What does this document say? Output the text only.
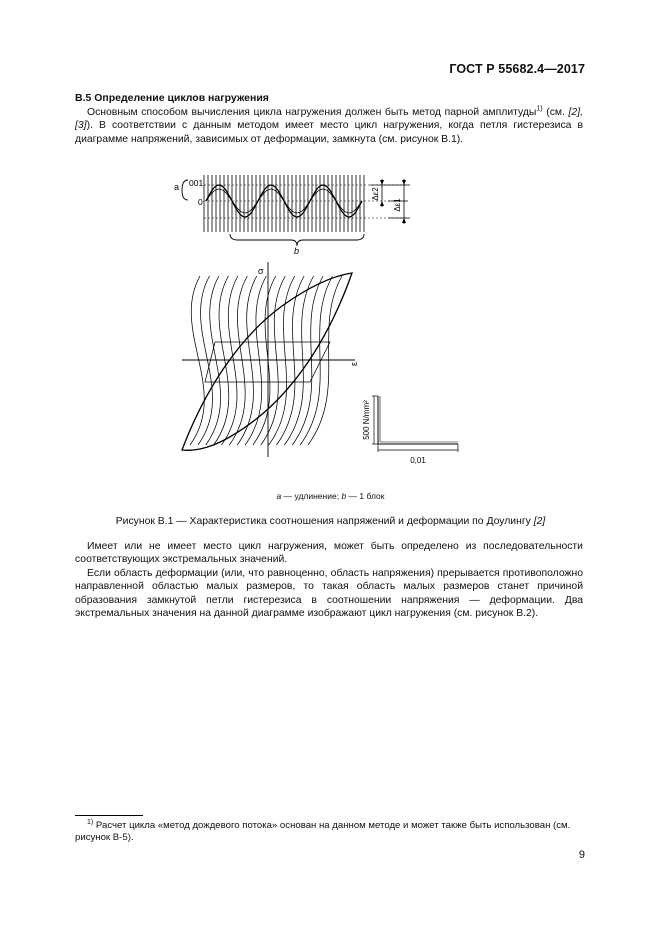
ГОСТ Р 55682.4—2017
B.5 Определение циклов нагружения
Основным способом вычисления цикла нагружения должен быть метод парной амплитуды$^{1)}$ (см. [2], [3]). В соответствии с данным методом имеет место цикл нагружения, когда петля гистерезиса в диаграмме напряжений, зависимых от деформации, замкнута (см. рисунок B.1).
a 001
0
Δε2
Δε1
b
σ
ε
500 N/mm²
0,01
a — удлинение; b — 1 блок
Рисунок B.1 — Характеристика соотношения напряжений и деформации по Доулингу [2]
Имеет или не имеет место цикл нагружения, может быть определено из последовательности соответствующих экстремальных значений.
Если область деформации (или, что равноценно, область напряжения) прерывается противоположно направленной областью малых размеров, то такая область малых размеров станет причиной образования замкнутой петли гистерезиса в соотношении напряжения — деформации. Два экстремальных значения на данной диаграмме изображают цикл нагружения (см. рисунок B.2).
$^{1)}$ Расчет цикла «метод дождевого потока» основан на данном методе и может также быть использован (см. рисунок B-5).
9
